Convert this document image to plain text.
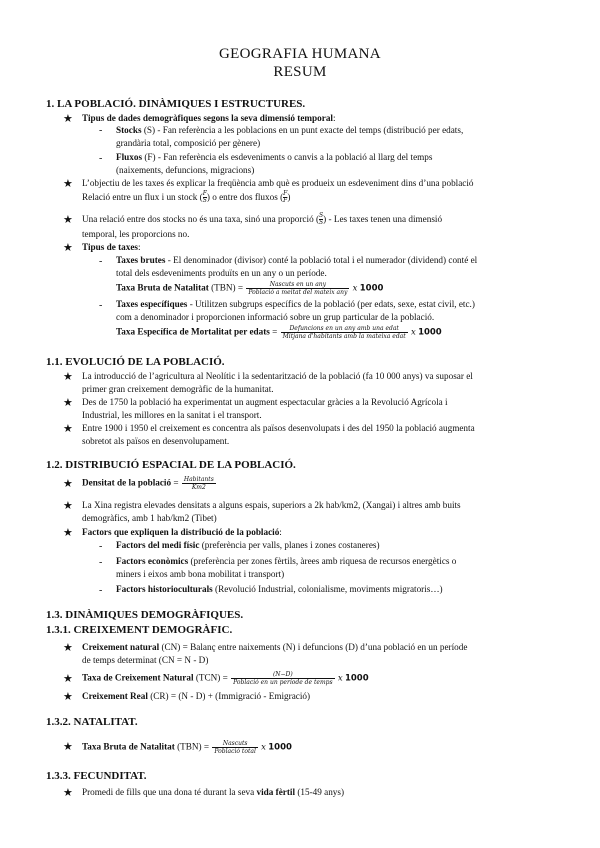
GEOGRAFIA HUMANA
RESUM
1. LA POBLACIÓ. DINÀMIQUES I ESTRUCTURES.
★ Tipus de dades demogràfiques segons la seva dimensió temporal:
- Stocks (S) - Fan referència a les poblacions en un punt exacte del temps (distribució per edats,
grandària total, composició per gènere)
- Fluxos (F) - Fan referència els esdeveniments o canvis a la població al llarg del temps
(naixements, defuncions, migracions)
★ L’objectiu de les taxes és explicar la freqüència amb què es produeix un esdeveniment dins d’una població
Relació entre un flux i un stock ( $\frac{F}{S}$ ) o entre dos fluxos ( $\frac{F}{F}$ )
★ Una relació entre dos stocks no és una taxa, sinó una proporció ( $\frac{S}{S}$ ) - Les taxes tenen una dimensió
temporal, les proporcions no.
★ Tipus de taxes:
- Taxes brutes - El denominador (divisor) conté la població total i el numerador (dividend) conté el
total dels esdeveniments produïts en un any o un període.
Taxa Bruta de Natalitat $(TBN) = \frac{\text{Nascuts en un any}}{\text{Població a meitat del mateix any}}$ x 1000
- Taxes específiques - Utilitzen subgrups específics de la població (per edats, sexe, estat civil, etc.)
com a denominador i proporcionen informació sobre un grup particular de la població.
Taxa Específica de Mortalitat per edats = $\frac{\text{Defuncions en un any amb una edat}}{\text{Mitjana d'habitants amb la mateixa edat}}$ x 1000
1.1. EVOLUCIÓ DE LA POBLACIÓ.
★ La introducció de l’agricultura al Neolític i la sedentarització de la població (fa 10 000 anys) va suposar el
primer gran creixement demogràfic de la humanitat.
★ Des de 1750 la població ha experimentat un augment espectacular gràcies a la Revolució Agrícola i
Industrial, les millores en la sanitat i el transport.
★ Entre 1900 i 1950 el creixement es concentra als països desenvolupats i des del 1950 la població augmenta
sobretot als països en desenvolupament.
1.2. DISTRIBUCIÓ ESPACIAL DE LA POBLACIÓ.
★ Densitat de la població = $\frac{\text{Habitants}}{Km2}$
★ La Xina registra elevades densitats a alguns espais, superiors a 2k hab/km2, (Xangai) i altres amb buits
demogràfics, amb 1 hab/km2 (Tibet)
★ Factors que expliquen la distribució de la població:
- Factors del medi físic (preferència per valls, planes i zones costaneres)
- Factors econòmics (preferència per zones fèrtils, àrees amb riquesa de recursos energètics o
miners i eixos amb bona mobilitat i transport)
- Factors historioculturals (Revolució Industrial, colonialisme, moviments migratoris…)
1.3. DINÀMIQUES DEMOGRÀFIQUES.
1.3.1. CREIXEMENT DEMOGRÀFIC.
★ Creixement natural (CN) = Balanç entre naixements (N) i defuncions (D) d’una població en un període
de temps determinat (CN = N - D)
★ Taxa de Creixement Natural $(TCN) = \frac{(N-D)}{\text{Població en un període de temps}}$ x 1000
★ Creixement Real (CR) = (N - D) + (Immigració - Emigració)
1.3.2. NATALITAT.
★ Taxa Bruta de Natalitat $(TBN) = \frac{\text{Nascuts}}{\text{Població total}}$ x 1000
1.3.3. FECUNDITAT.
★ Promedi de fills que una dona té durant la seva vida fèrtil (15-49 anys)
